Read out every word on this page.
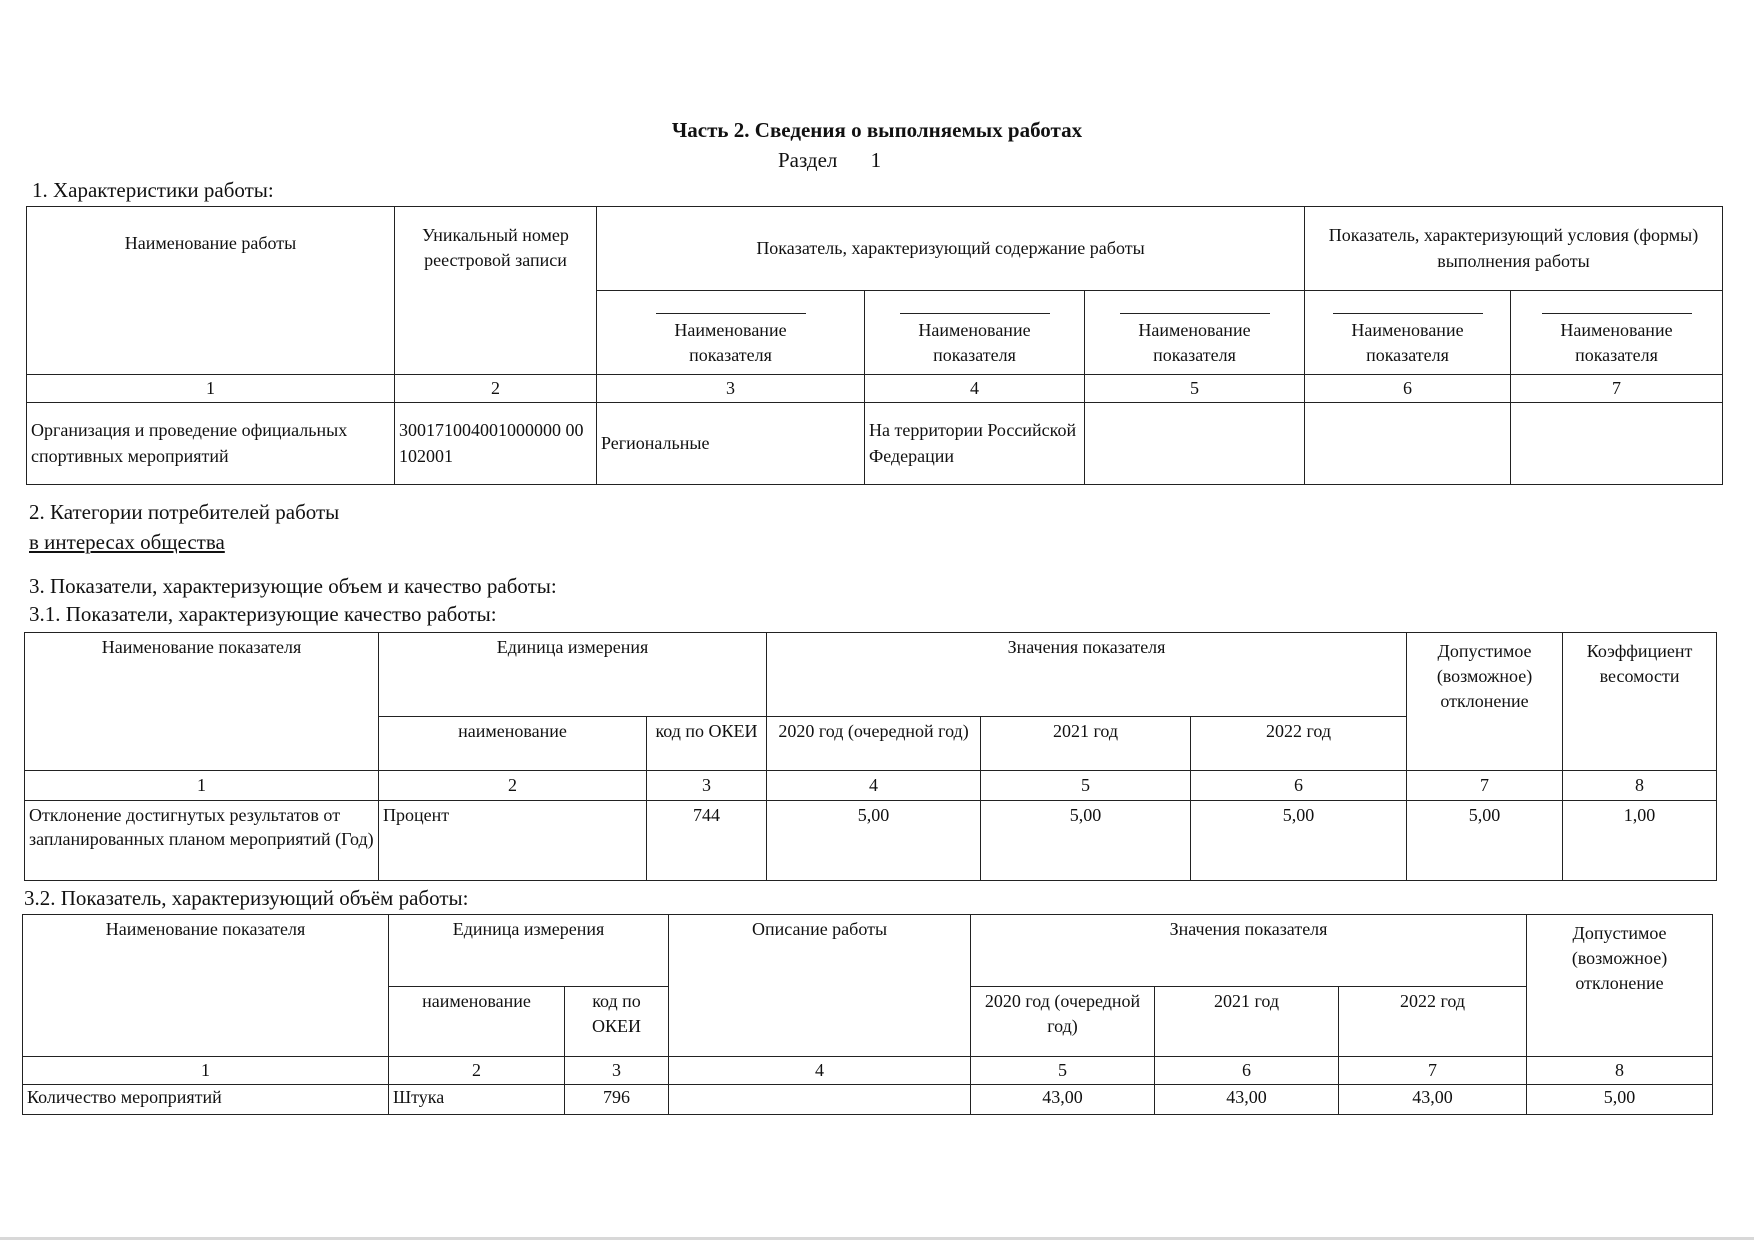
Часть 2. Сведения о выполняемых работах
Раздел 1
1. Характеристики работы:
Наименование работы	Уникальный номер реестровой записи	Показатель, характеризующий содержание работы			Показатель, характеризующий условия (формы) выполнения работы	
		Наименование показателя	Наименование показателя	Наименование показателя	Наименование показателя	Наименование показателя
1	2	3	4	5	6	7
Организация и проведение официальных спортивных мероприятий	300171004001000000 00102001	Региональные	На территории Российской Федерации			
2. Категории потребителей работы
в интересах общества
3. Показатели, характеризующие объем и качество работы:
3.1. Показатели, характеризующие качество работы:
Наименование показателя	Единица измерения		Значения показателя			Допустимое (возможное) отклонение	Коэффициент весомости
	наименование	код по ОКЕИ	2020 год (очередной год)	2021 год	2022 год		
1	2	3	4	5	6	7	8
Отклонение достигнутых результатов от запланированных планом мероприятий (Год)	Процент	744	5,00	5,00	5,00	5,00	1,00
3.2. Показатель, характеризующий объём работы:
Наименование показателя	Единица измерения		Описание работы	Значения показателя			Допустимое (возможное) отклонение
	наименование	код по ОКЕИ		2020 год (очередной год)	2021 год	2022 год	
1	2	3	4	5	6	7	8
Количество мероприятий	Штука	796		43,00	43,00	43,00	5,00
